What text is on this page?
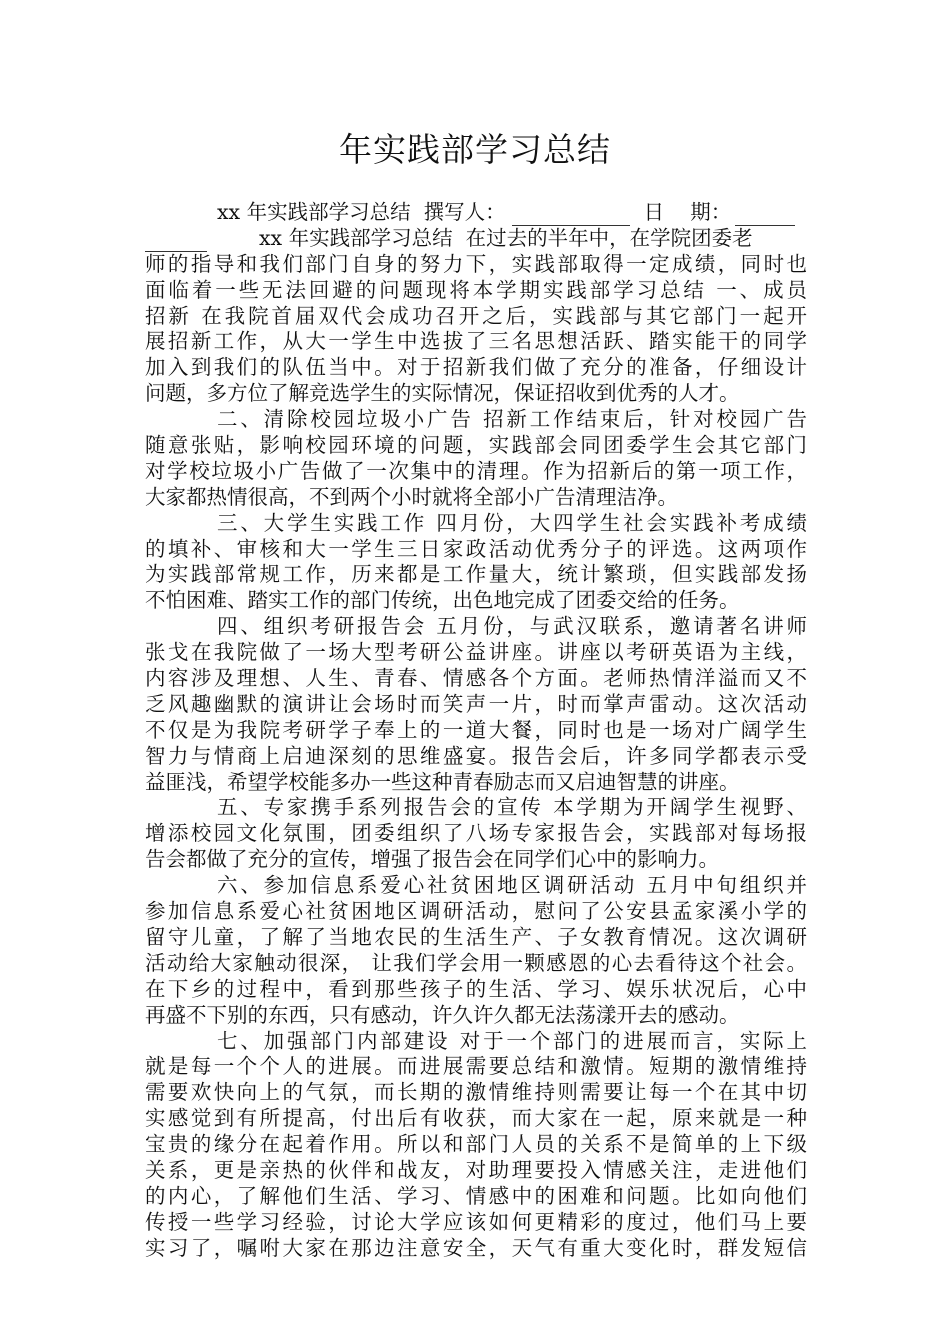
年实践部学习总结
xx 年实践部学习总结  撰写人：	日    期：
xx 年实践部学习总结  在过去的半年中，在学院团委老
师的指导和我们部门自身的努力下，实践部取得一定成绩，同时也
面临着一些无法回避的问题现将本学期实践部学习总结 一、成员
招新 在我院首届双代会成功召开之后，实践部与其它部门一起开
展招新工作，从大一学生中选拔了三名思想活跃、踏实能干的同学
加入到我们的队伍当中。对于招新我们做了充分的准备，仔细设计
问题，多方位了解竞选学生的实际情况，保证招收到优秀的人才。
二、清除校园垃圾小广告 招新工作结束后，针对校园广告
随意张贴，影响校园环境的问题，实践部会同团委学生会其它部门
对学校垃圾小广告做了一次集中的清理。作为招新后的第一项工作，
大家都热情很高，不到两个小时就将全部小广告清理洁净。
三、大学生实践工作 四月份，大四学生社会实践补考成绩
的填补、审核和大一学生三日家政活动优秀分子的评选。这两项作
为实践部常规工作，历来都是工作量大，统计繁琐，但实践部发扬
不怕困难、踏实工作的部门传统，出色地完成了团委交给的任务。
四、组织考研报告会 五月份，与武汉联系，邀请著名讲师
张戈在我院做了一场大型考研公益讲座。讲座以考研英语为主线，
内容涉及理想、人生、青春、情感各个方面。老师热情洋溢而又不
乏风趣幽默的演讲让会场时而笑声一片，时而掌声雷动。这次活动
不仅是为我院考研学子奉上的一道大餐，同时也是一场对广阔学生
智力与情商上启迪深刻的思维盛宴。报告会后，许多同学都表示受
益匪浅，希望学校能多办一些这种青春励志而又启迪智慧的讲座。
五、专家携手系列报告会的宣传 本学期为开阔学生视野、
增添校园文化氛围，团委组织了八场专家报告会，实践部对每场报
告会都做了充分的宣传，增强了报告会在同学们心中的影响力。
六、参加信息系爱心社贫困地区调研活动 五月中旬组织并
参加信息系爱心社贫困地区调研活动，慰问了公安县孟家溪小学的
留守儿童，了解了当地农民的生活生产、子女教育情况。这次调研
活动给大家触动很深， 让我们学会用一颗感恩的心去看待这个社会。
在下乡的过程中，看到那些孩子的生活、学习、娱乐状况后，心中
再盛不下别的东西，只有感动，许久许久都无法荡漾开去的感动。
七、加强部门内部建设 对于一个部门的进展而言，实际上
就是每一个个人的进展。而进展需要总结和激情。短期的激情维持
需要欢快向上的气氛，而长期的激情维持则需要让每一个在其中切
实感觉到有所提高，付出后有收获，而大家在一起，原来就是一种
宝贵的缘分在起着作用。所以和部门人员的关系不是简单的上下级
关系，更是亲热的伙伴和战友，对助理要投入情感关注，走进他们
的内心，了解他们生活、学习、情感中的困难和问题。比如向他们
传授一些学习经验，讨论大学应该如何更精彩的度过，他们马上要
实习了，嘱咐大家在那边注意安全，天气有重大变化时，群发短信
